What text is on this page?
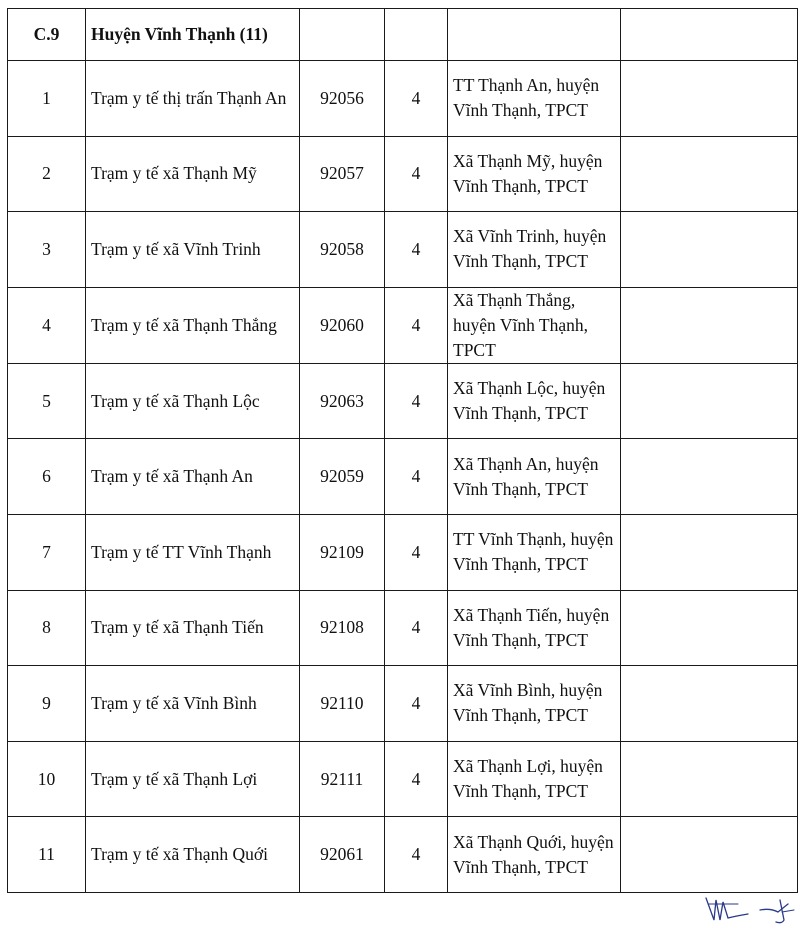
C.9	Huyện Vĩnh Thạnh (11)				
1	Trạm y tế thị trấn Thạnh An	92056	4	TT Thạnh An, huyện Vĩnh Thạnh, TPCT	
2	Trạm y tế xã Thạnh Mỹ	92057	4	Xã Thạnh Mỹ, huyện Vĩnh Thạnh, TPCT	
3	Trạm y tế xã Vĩnh Trinh	92058	4	Xã Vĩnh Trinh, huyện Vĩnh Thạnh, TPCT	
4	Trạm y tế xã Thạnh Thắng	92060	4	Xã Thạnh Thắng, huyện Vĩnh Thạnh, TPCT	
5	Trạm y tế xã Thạnh Lộc	92063	4	Xã Thạnh Lộc, huyện Vĩnh Thạnh, TPCT	
6	Trạm y tế xã Thạnh An	92059	4	Xã Thạnh An, huyện Vĩnh Thạnh, TPCT	
7	Trạm y tế TT Vĩnh Thạnh	92109	4	TT Vĩnh Thạnh, huyện Vĩnh Thạnh, TPCT	
8	Trạm y tế xã Thạnh Tiến	92108	4	Xã Thạnh Tiến, huyện Vĩnh Thạnh, TPCT	
9	Trạm y tế xã Vĩnh Bình	92110	4	Xã Vĩnh Bình, huyện Vĩnh Thạnh, TPCT	
10	Trạm y tế xã Thạnh Lợi	92111	4	Xã Thạnh Lợi, huyện Vĩnh Thạnh, TPCT	
11	Trạm y tế xã Thạnh Quới	92061	4	Xã Thạnh Quới, huyện Vĩnh Thạnh, TPCT	
